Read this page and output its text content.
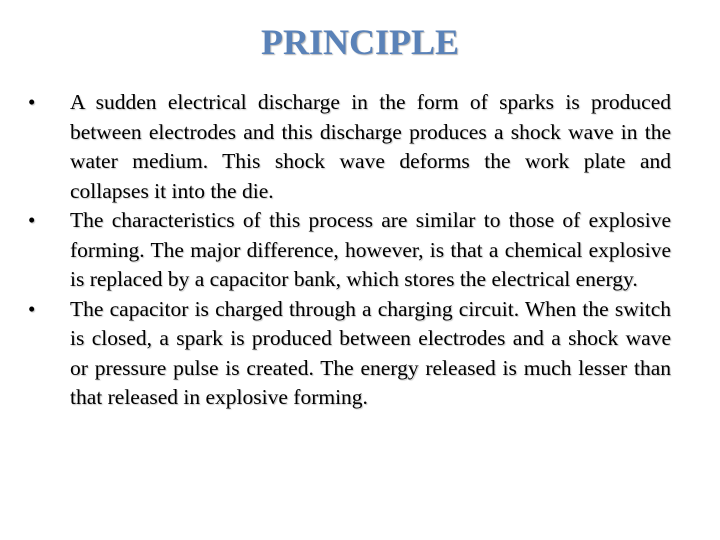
PRINCIPLE
•	A sudden electrical discharge in the form of sparks is produced between electrodes and this discharge produces a shock wave in the water medium. This shock wave deforms the work plate and collapses it into the die.
•	The characteristics of this process are similar to those of explosive forming. The major difference, however, is that a chemical explosive is replaced by a capacitor bank, which stores the electrical energy.
•	The capacitor is charged through a charging circuit. When the switch is closed, a spark is produced between electrodes and a shock wave or pressure pulse is created. The energy released is much lesser than that released in explosive forming.
